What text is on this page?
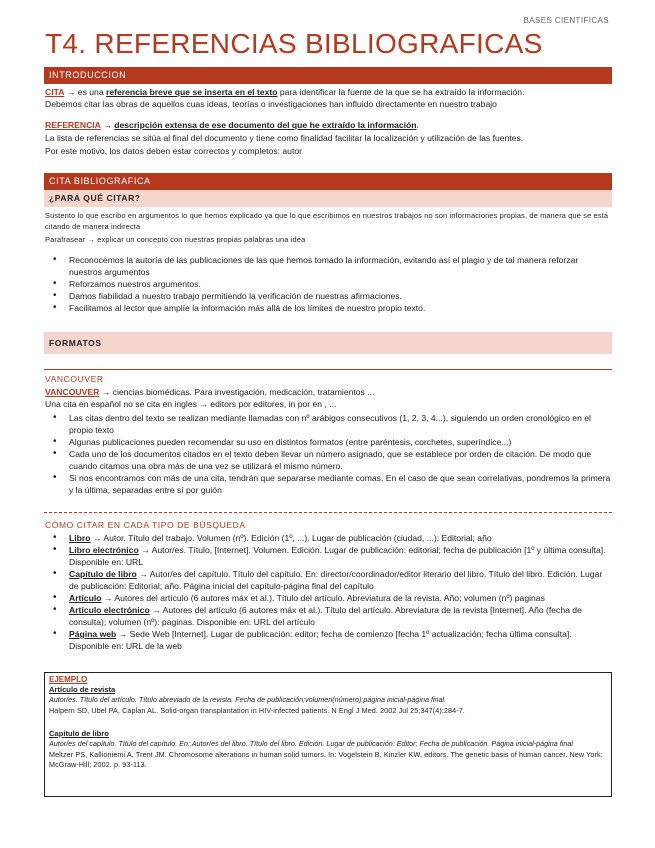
BASES CIENTIFICAS
T4. REFERENCIAS BIBLIOGRAFICAS
INTRODUCCION
CITA → es una referencia breve que se inserta en el texto para identificar la fuente de la que se ha extraído la información.
Debemos citar las obras de aquellos cuas ideas, teorías o investigaciones han influido directamente en nuestro trabajo
REFERENCIA → descripción extensa de ese documento del que he extraído la información.
La lista de referencias se sitúa al final del documento y tiene como finalidad facilitar la localización y utilización de las fuentes.
Por este motivo, los datos deben estar correctos y completos: autor
CITA BIBLIOGRAFICA
¿PARA QUÉ CITAR?
Sustento lo que escribo en argumentos lo que hemos explicado ya que lo que escribimos en nuestros trabajos no son informaciones propias, de manera que se está citando de manera indirecta
Parafrasear → explicar un concepto con nuestras propias palabras una idea
• Reconocemos la autoría de las publicaciones de las que hemos tomado la información, evitando así el plagio y de tal manera reforzar nuestros argumentos
• Reforzamos nuestros argumentos.
• Damos fiabilidad a nuestro trabajo permitiendo la verificación de nuestras afirmaciones.
• Facilitamos al lector que amplíe la información más allá de los límites de nuestro propio texto.
FORMATOS
VANCOUVER
VANCOUVER → ciencias biomédicas. Para investigación, medicación, tratamientos ...
Una cita en español no se cita en ingles → editors por editores, in por en , ...
• Las citas dentro del texto se realizan mediante llamadas con nº arábigos consecutivos (1, 2, 3, 4...), siguiendo un orden cronológico en el propio texto
• Algunas publicaciones pueden recomendar su uso en distintos formatos (entre paréntesis, corchetes, superíndice...)
• Cada uno de los documentos citados en el texto deben llevar un número asignado, que se establece por orden de citación. De modo que cuando citamos una obra más de una vez se utilizará el mismo número.
• Si nos encontramos con más de una cita, tendrán que separarse mediante comas. En el caso de que sean correlativas, pondremos la primera y la última, separadas entre sí por guión
CÓMO CITAR EN CADA TIPO DE BÚSQUEDA
• Libro → Autor. Título del trabajo. Volumen (nº). Edición (1º, ...). Lugar de publicación (ciudad, ...): Editorial; año
• Libro electrónico → Autor/es. Título, [Internet]. Volumen. Edición. Lugar de publicación: editorial; fecha de publicación [1º y última consulta]. Disponible en: URL
• Capítulo de libro → Autor/es del capítulo. Título del capítulo. En: director/coordinador/editor literario del libro. Título del libro. Edición. Lugar de publicación: Editorial; año. Página inicial del capítulo-página final del capítulo
• Artículo → Autores del artículo (6 autores máx et al.). Título del artículo. Abreviatura de la revista. Año; volumen (nº) paginas
• Artículo electrónico → Autores del artículo (6 autores máx et al.). Título del artículo. Abreviatura de la revista [Internet]. Año (fecha de consulta); volumen (nº): paginas. Disponible en: URL del artículo
• Página web → Sede Web [Internet]. Lugar de publicación: editor; fecha de comienzo [fecha 1º actualización; fecha última consulta]. Disponible en: URL de la web
EJEMPLO
Artículo de revista
Autor/es. Título del artículo. Título abreviado de la revista. Fecha de publicación;volumen(número):página inicial-página final.
Halpern SD, Ubel PA, Caplan AL. Solid-organ transplantation in HIV-infected patients. N Engl J Med. 2002 Jul 25;347(4):284-7.
Capítulo de libro
Autor/es del capítulo. Título del capítulo. En: Autor/es del libro. Título del libro. Edición. Lugar de publicación: Editor; Fecha de publicación. Página inicial-página final
Meltzer PS, Kallioniemi A, Trent JM. Chromosome alterations in human solid tumors. In: Vogelstein B, Kinzler KW, editors. The genetic basis of human cancer. New York: McGraw-Hill; 2002. p. 93-113.
